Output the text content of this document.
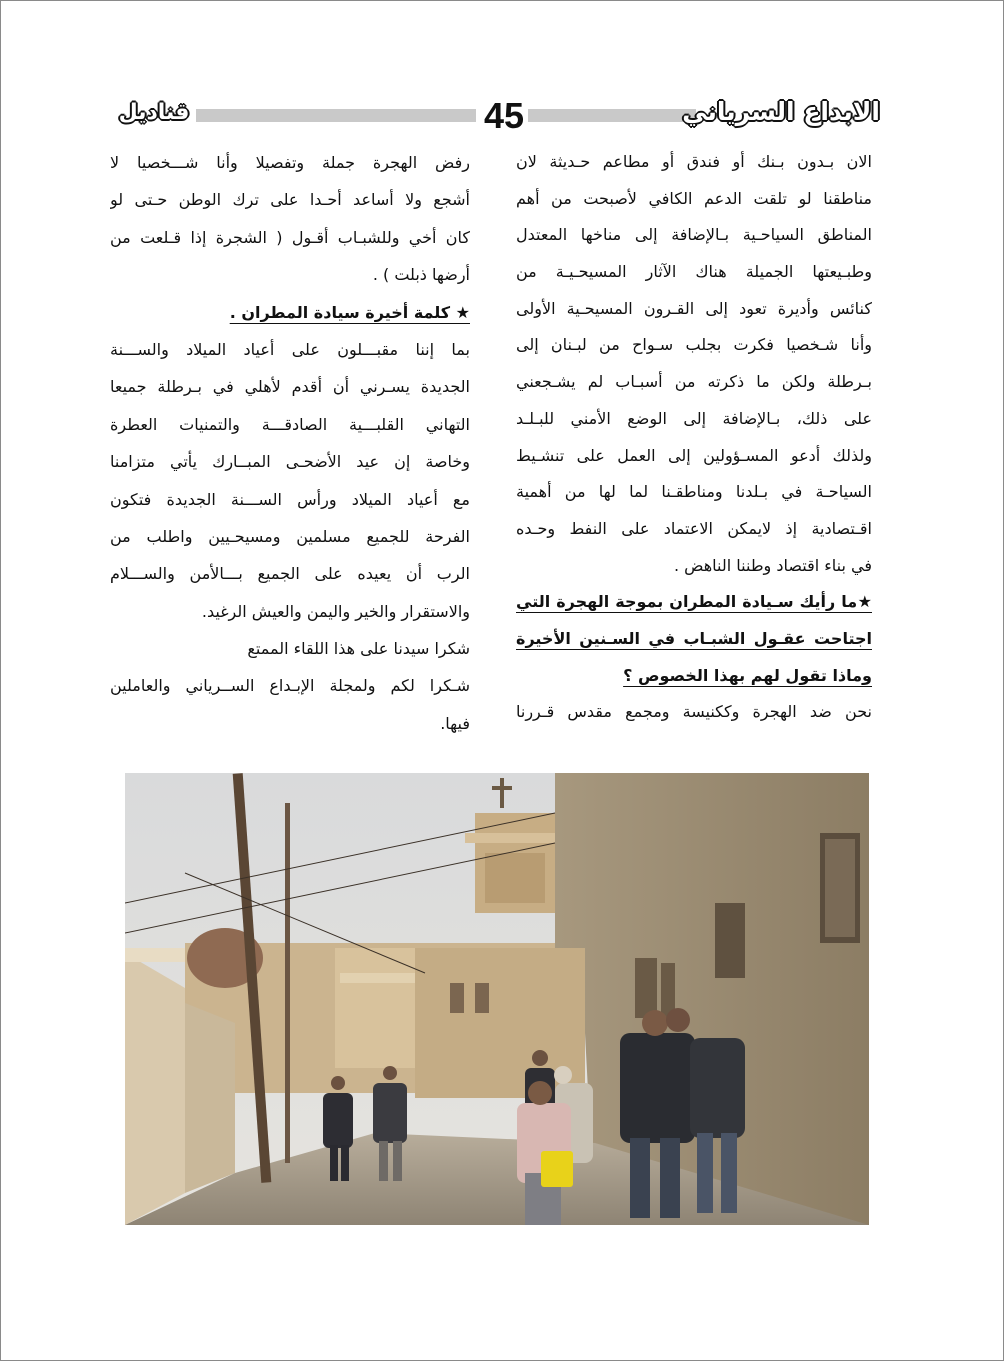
الابداع السرياني
45
قناديل

الان بـدون بـنك أو فندق أو مطاعم حـديثة لان

مناطقنا لو تلقت الدعم الكافي لأصبحت من أهم

المناطق السياحـية بـالإضافة إلى مناخها المعتدل

وطبـيعتها الجميلة هناك الآثار المسيحـيـة من

كنائس وأديرة تعود إلى القـرون المسيحـية الأولى

وأنا شـخصيا فكرت بجلب سـواح من لبـنان إلى

بـرطلة ولكن ما ذكرته من أسبـاب لم يشـجعني

على ذلك، بـالإضافة إلى الوضع الأمني للبـلـد

ولذلك أدعو المسـؤولين إلى العمل على تنشـيط

السياحـة في بـلدنا ومناطقـنا لما لها من أهمية

اقـتصادية إذ لايمكن الاعتماد على النفط وحـده

في بناء اقتصاد وطننا الناهض .

★ما رأيك سـيادة المطران بموجة الهجرة التي

اجتاحت عقـول الشبـاب في السـنين الأخيرة

وماذا تقول لهم بهذا الخصوص ؟

نحن ضد الهجرة وككنيسة ومجمع مقدس قـررنا

رفض الهجرة جملة وتفصيلا وأنا شـــخصيا لا

أشجع ولا أساعد أحـدا على ترك الوطن حـتى لو

كان أخي وللشبـاب أقـول ( الشجرة إذا قـلعت من

أرضها ذبلت ) .

★ كلمة أخيرة سيادة المطران .

بما إننا مقبـــلون على أعياد الميلاد والســـنة

الجديدة يسـرني أن أقدم لأهلي في بـرطلة جميعا

التهاني القلبـــية الصادقـــة والتمنيات العطرة

وخاصة إن عيد الأضحـى المبــارك يأتي متزامنا

مع أعياد الميلاد ورأس الســـنة الجديدة فتكون

الفرحة للجميع مسلمين ومسيحـيين واطلب من

الرب أن يعيده على الجميع بـــالأمن والســـلام

والاستقرار والخير واليمن والعيش الرغيد.

شكرا سيدنا على هذا اللقاء الممتع

شـكرا لكم ولمجلة الإبـداع الســرياني والعاملين

فيها.
